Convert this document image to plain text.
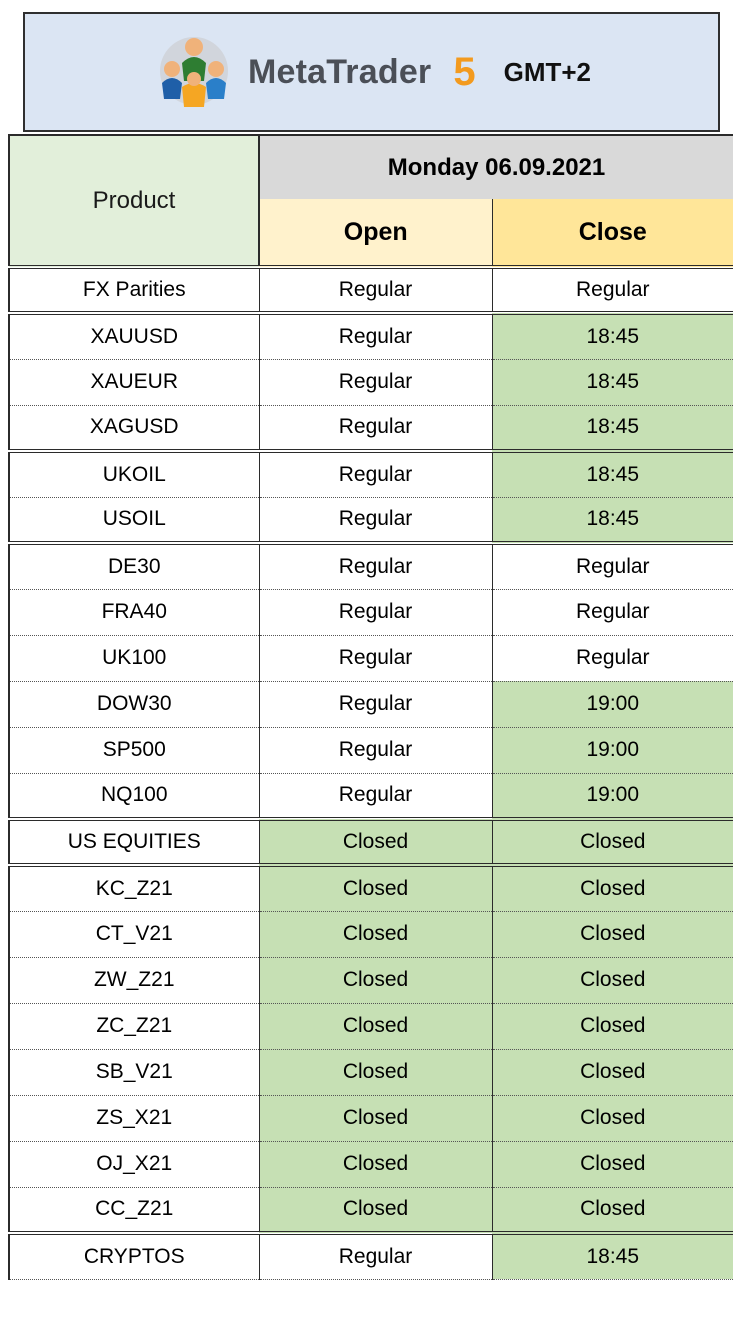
MetaTrader 5 GMT+2
Product	Monday 06.09.2021	
	Open	Close
FX Parities	Regular	Regular
XAUUSD	Regular	18:45
XAUEUR	Regular	18:45
XAGUSD	Regular	18:45
UKOIL	Regular	18:45
USOIL	Regular	18:45
DE30	Regular	Regular
FRA40	Regular	Regular
UK100	Regular	Regular
DOW30	Regular	19:00
SP500	Regular	19:00
NQ100	Regular	19:00
US EQUITIES	Closed	Closed
KC_Z21	Closed	Closed
CT_V21	Closed	Closed
ZW_Z21	Closed	Closed
ZC_Z21	Closed	Closed
SB_V21	Closed	Closed
ZS_X21	Closed	Closed
OJ_X21	Closed	Closed
CC_Z21	Closed	Closed
CRYPTOS	Regular	18:45
